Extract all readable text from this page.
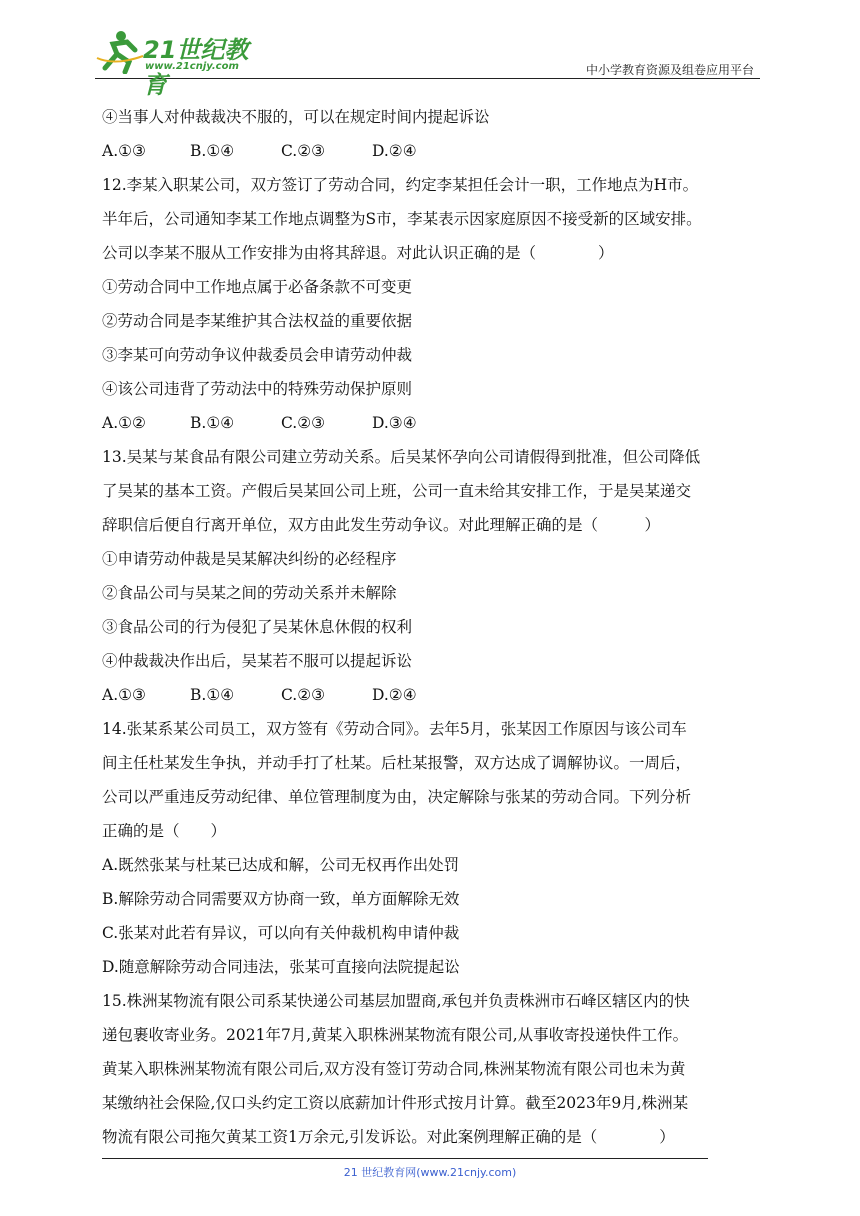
21世纪教育
www.21cnjy.com	中小学教育资源及组卷应用平台
④当事人对仲裁裁决不服的，可以在规定时间内提起诉讼
A.①③	B.①④	C.②③	D.②④
12.李某入职某公司，双方签订了劳动合同，约定李某担任会计一职，工作地点为H市。
半年后，公司通知李某工作地点调整为S市，李某表示因家庭原因不接受新的区域安排。
公司以李某不服从工作安排为由将其辞退。对此认识正确的是（　　　　）
①劳动合同中工作地点属于必备条款不可变更
②劳动合同是李某维护其合法权益的重要依据
③李某可向劳动争议仲裁委员会申请劳动仲裁
④该公司违背了劳动法中的特殊劳动保护原则
A.①②	B.①④	C.②③	D.③④
13.吴某与某食品有限公司建立劳动关系。后吴某怀孕向公司请假得到批准，但公司降低
了吴某的基本工资。产假后吴某回公司上班，公司一直未给其安排工作，于是吴某递交
辞职信后便自行离开单位，双方由此发生劳动争议。对此理解正确的是（　　　）
①申请劳动仲裁是吴某解决纠纷的必经程序
②食品公司与吴某之间的劳动关系并未解除
③食品公司的行为侵犯了吴某休息休假的权利
④仲裁裁决作出后，吴某若不服可以提起诉讼
A.①③	B.①④	C.②③	D.②④
14.张某系某公司员工，双方签有《劳动合同》。去年5月，张某因工作原因与该公司车
间主任杜某发生争执，并动手打了杜某。后杜某报警，双方达成了调解协议。一周后，
公司以严重违反劳动纪律、单位管理制度为由，决定解除与张某的劳动合同。下列分析
正确的是（　　）
A.既然张某与杜某已达成和解，公司无权再作出处罚
B.解除劳动合同需要双方协商一致，单方面解除无效
C.张某对此若有异议，可以向有关仲裁机构申请仲裁
D.随意解除劳动合同违法，张某可直接向法院提起讼
15.株洲某物流有限公司系某快递公司基层加盟商,承包并负责株洲市石峰区辖区内的快
递包裹收寄业务。2021年7月,黄某入职株洲某物流有限公司,从事收寄投递快件工作。
黄某入职株洲某物流有限公司后,双方没有签订劳动合同,株洲某物流有限公司也未为黄
某缴纳社会保险,仅口头约定工资以底薪加计件形式按月计算。截至2023年9月,株洲某
物流有限公司拖欠黄某工资1万余元,引发诉讼。对此案例理解正确的是（　　　　）
21 世纪教育网(www.21cnjy.com)
